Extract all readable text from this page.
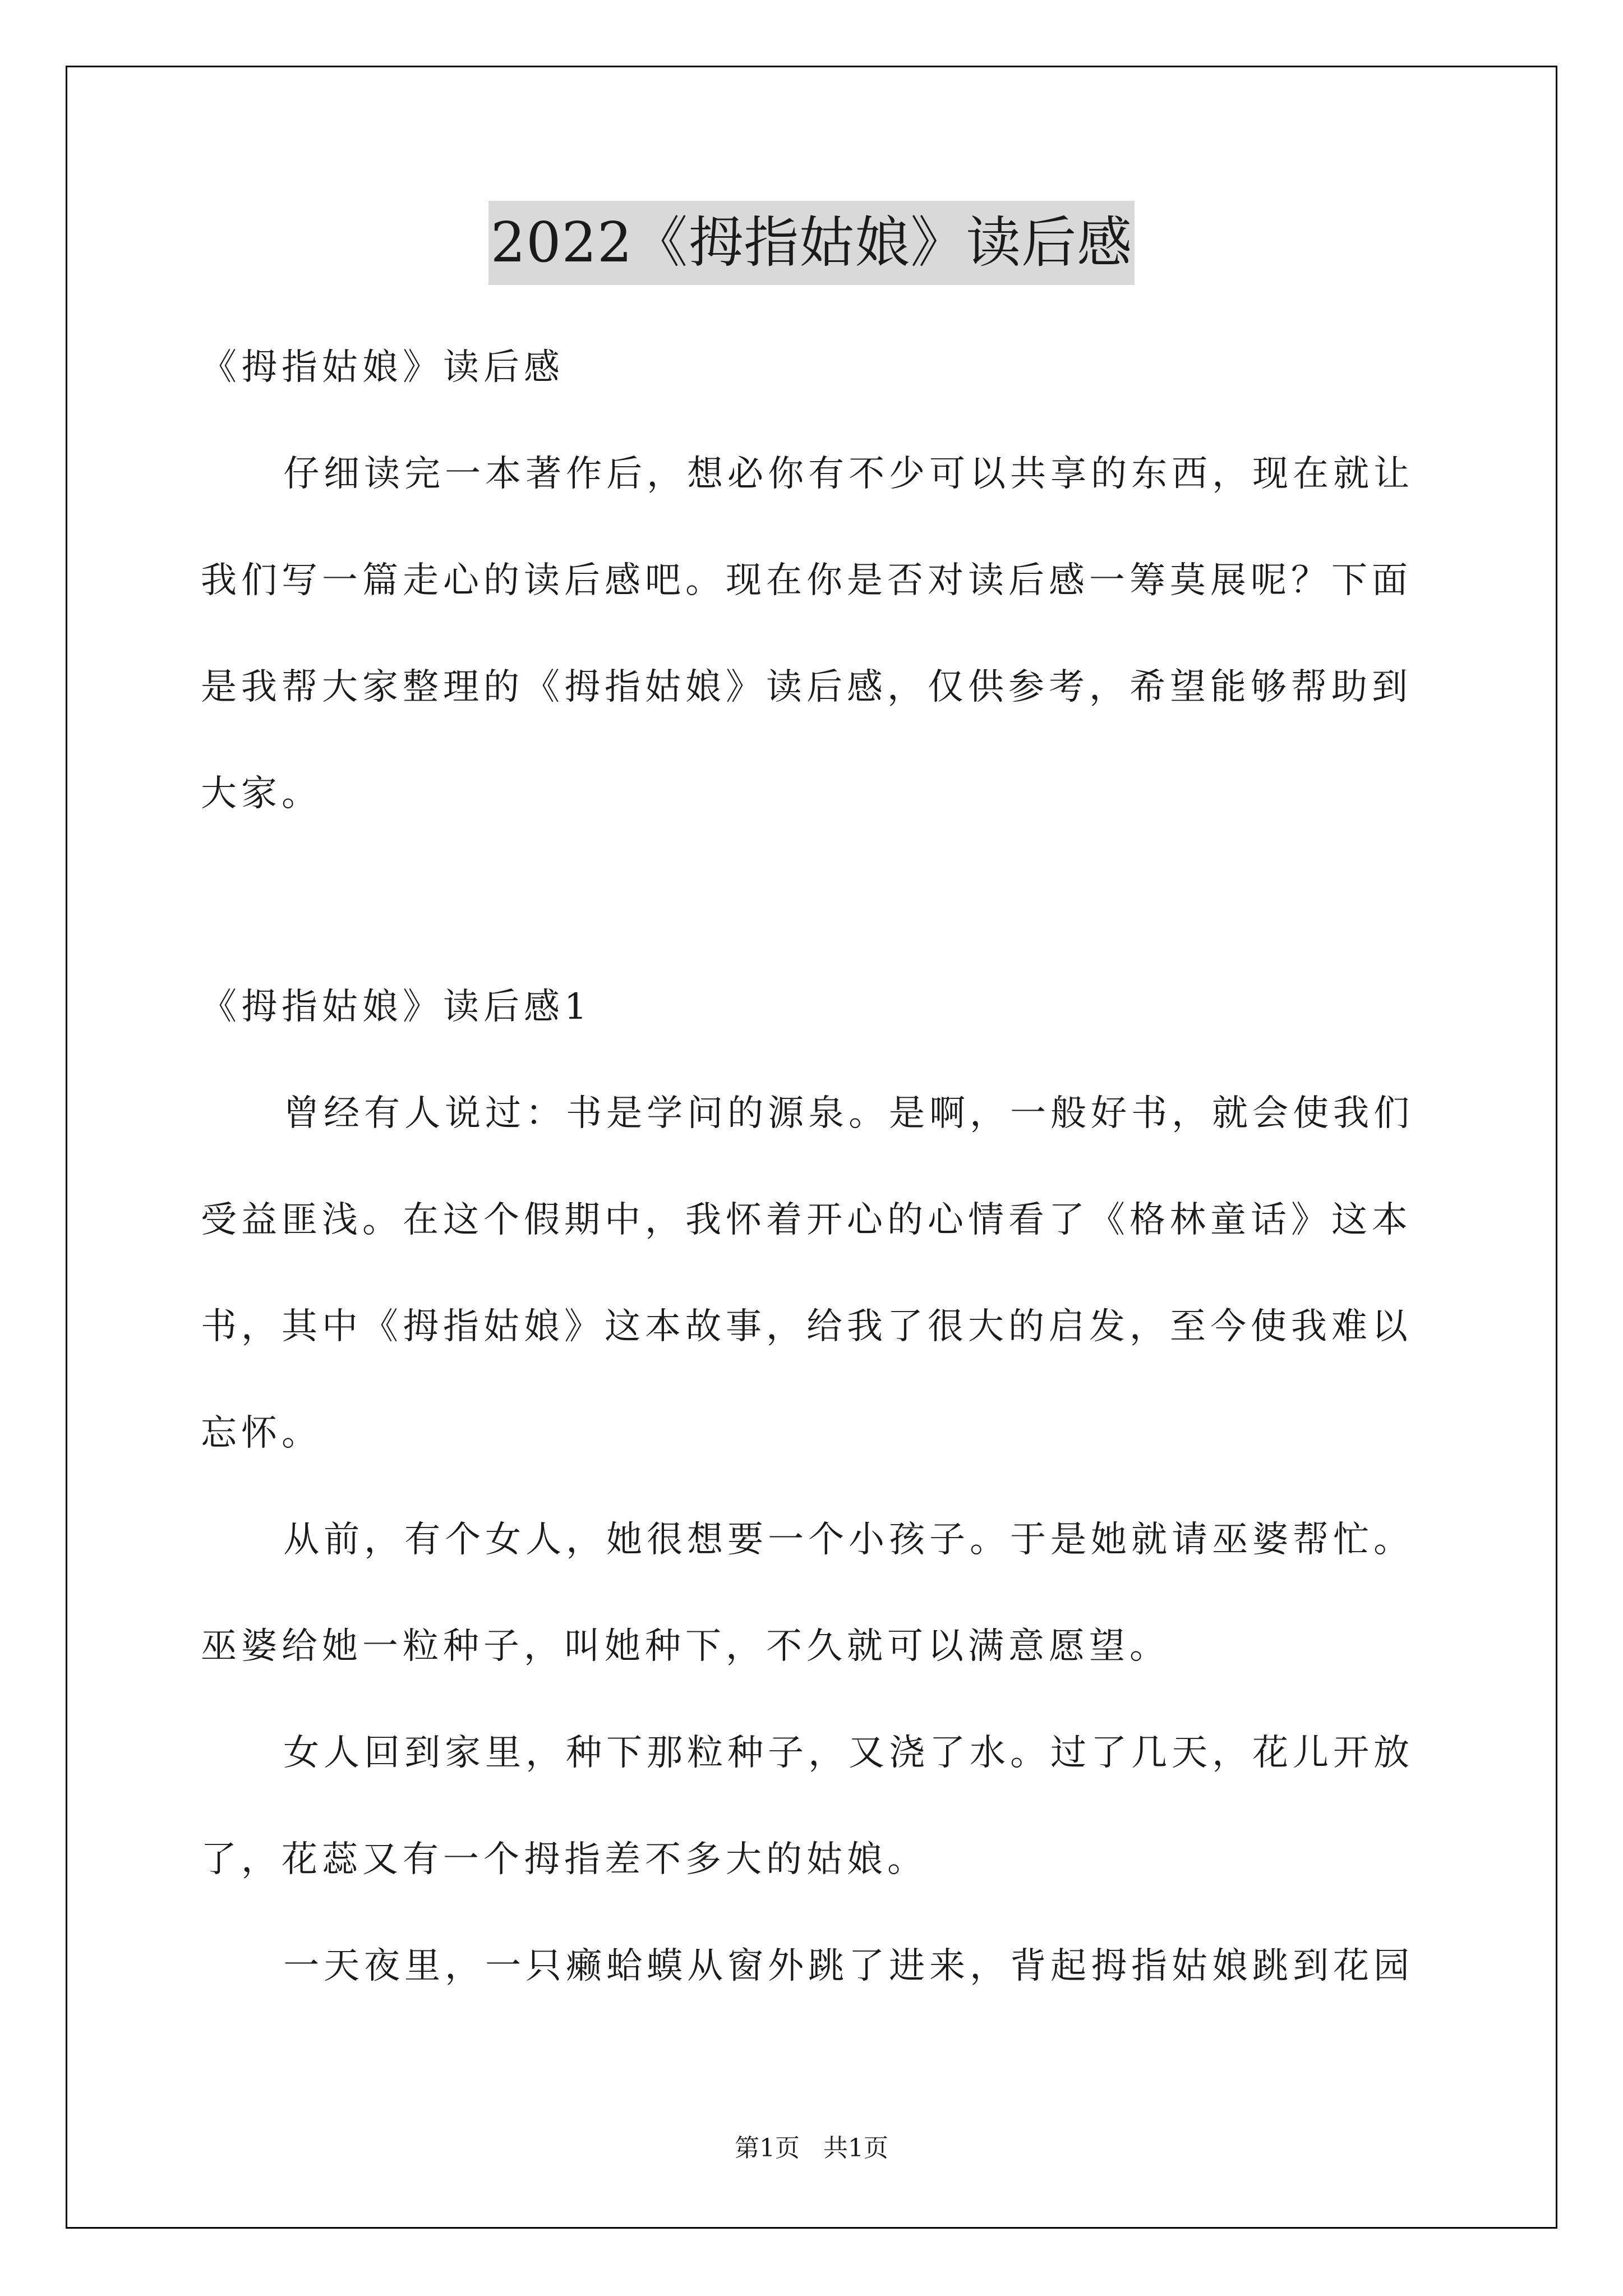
2022《拇指姑娘》读后感

《拇指姑娘》读后感

仔细读完一本著作后，想必你有不少可以共享的东西，现在就让我们写一篇走心的读后感吧。现在你是否对读后感一筹莫展呢？下面是我帮大家整理的《拇指姑娘》读后感，仅供参考，希望能够帮助到大家。

《拇指姑娘》读后感1

曾经有人说过：书是学问的源泉。是啊，一般好书，就会使我们受益匪浅。在这个假期中，我怀着开心的心情看了《格林童话》这本书，其中《拇指姑娘》这本故事，给我了很大的启发，至今使我难以忘怀。

从前，有个女人，她很想要一个小孩子。于是她就请巫婆帮忙。巫婆给她一粒种子，叫她种下，不久就可以满意愿望。

女人回到家里，种下那粒种子，又浇了水。过了几天，花儿开放了，花蕊又有一个拇指差不多大的姑娘。

一天夜里，一只癞蛤蟆从窗外跳了进来，背起拇指姑娘跳到花园

第1页 共1页
